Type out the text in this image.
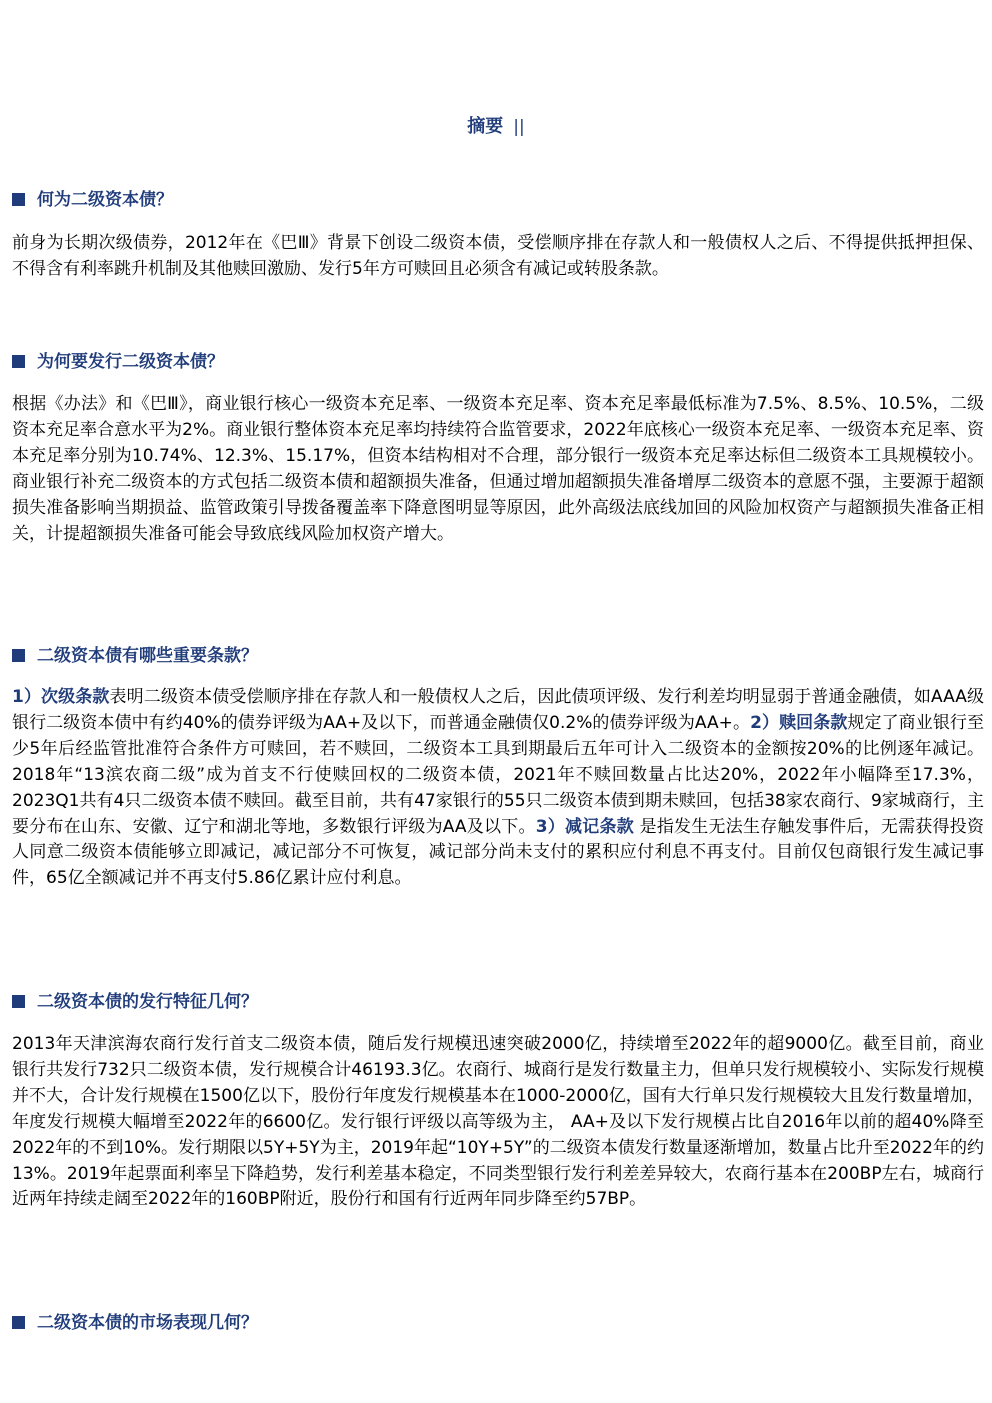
摘要 ||
何为二级资本债？
前身为长期次级债券，2012年在《巴Ⅲ》背景下创设二级资本债，受偿顺序排在存款人和一般债权人之后、不得提供抵押担保、不得含有利率跳升机制及其他赎回激励、发行5年方可赎回且必须含有减记或转股条款。
为何要发行二级资本债？
根据《办法》和《巴Ⅲ》，商业银行核心一级资本充足率、一级资本充足率、资本充足率最低标准为7.5%、8.5%、10.5%，二级资本充足率合意水平为2%。商业银行整体资本充足率均持续符合监管要求，2022年底核心一级资本充足率、一级资本充足率、资本充足率分别为10.74%、12.3%、15.17%，但资本结构相对不合理，部分银行一级资本充足率达标但二级资本工具规模较小。商业银行补充二级资本的方式包括二级资本债和超额损失准备，但通过增加超额损失准备增厚二级资本的意愿不强，主要源于超额损失准备影响当期损益、监管政策引导拨备覆盖率下降意图明显等原因，此外高级法底线加回的风险加权资产与超额损失准备正相关，计提超额损失准备可能会导致底线风险加权资产增大。
二级资本债有哪些重要条款？
1）次级条款表明二级资本债受偿顺序排在存款人和一般债权人之后，因此债项评级、发行利差均明显弱于普通金融债，如AAA级银行二级资本债中有约40%的债券评级为AA+及以下，而普通金融债仅0.2%的债券评级为AA+。2）赎回条款规定了商业银行至少5年后经监管批准符合条件方可赎回，若不赎回，二级资本工具到期最后五年可计入二级资本的金额按20%的比例逐年减记。2018年“13滨农商二级”成为首支不行使赎回权的二级资本债，2021年不赎回数量占比达20%，2022年小幅降至17.3%，2023Q1共有4只二级资本债不赎回。截至目前，共有47家银行的55只二级资本债到期未赎回，包括38家农商行、9家城商行，主要分布在山东、安徽、辽宁和湖北等地，多数银行评级为AA及以下。3）减记条款 是指发生无法生存触发事件后，无需获得投资人同意二级资本债能够立即减记，减记部分不可恢复，减记部分尚未支付的累积应付利息不再支付。目前仅包商银行发生减记事件，65亿全额减记并不再支付5.86亿累计应付利息。
二级资本债的发行特征几何？
2013年天津滨海农商行发行首支二级资本债，随后发行规模迅速突破2000亿，持续增至2022年的超9000亿。截至目前，商业银行共发行732只二级资本债，发行规模合计46193.3亿。农商行、城商行是发行数量主力，但单只发行规模较小、实际发行规模并不大，合计发行规模在1500亿以下，股份行年度发行规模基本在1000-2000亿，国有大行单只发行规模较大且发行数量增加，年度发行规模大幅增至2022年的6600亿。发行银行评级以高等级为主， AA+及以下发行规模占比自2016年以前的超40%降至2022年的不到10%。发行期限以5Y+5Y为主，2019年起“10Y+5Y”的二级资本债发行数量逐渐增加，数量占比升至2022年的约13%。2019年起票面利率呈下降趋势，发行利差基本稳定，不同类型银行发行利差差异较大，农商行基本在200BP左右，城商行近两年持续走阔至2022年的160BP附近，股份行和国有行近两年同步降至约57BP。
二级资本债的市场表现几何？
